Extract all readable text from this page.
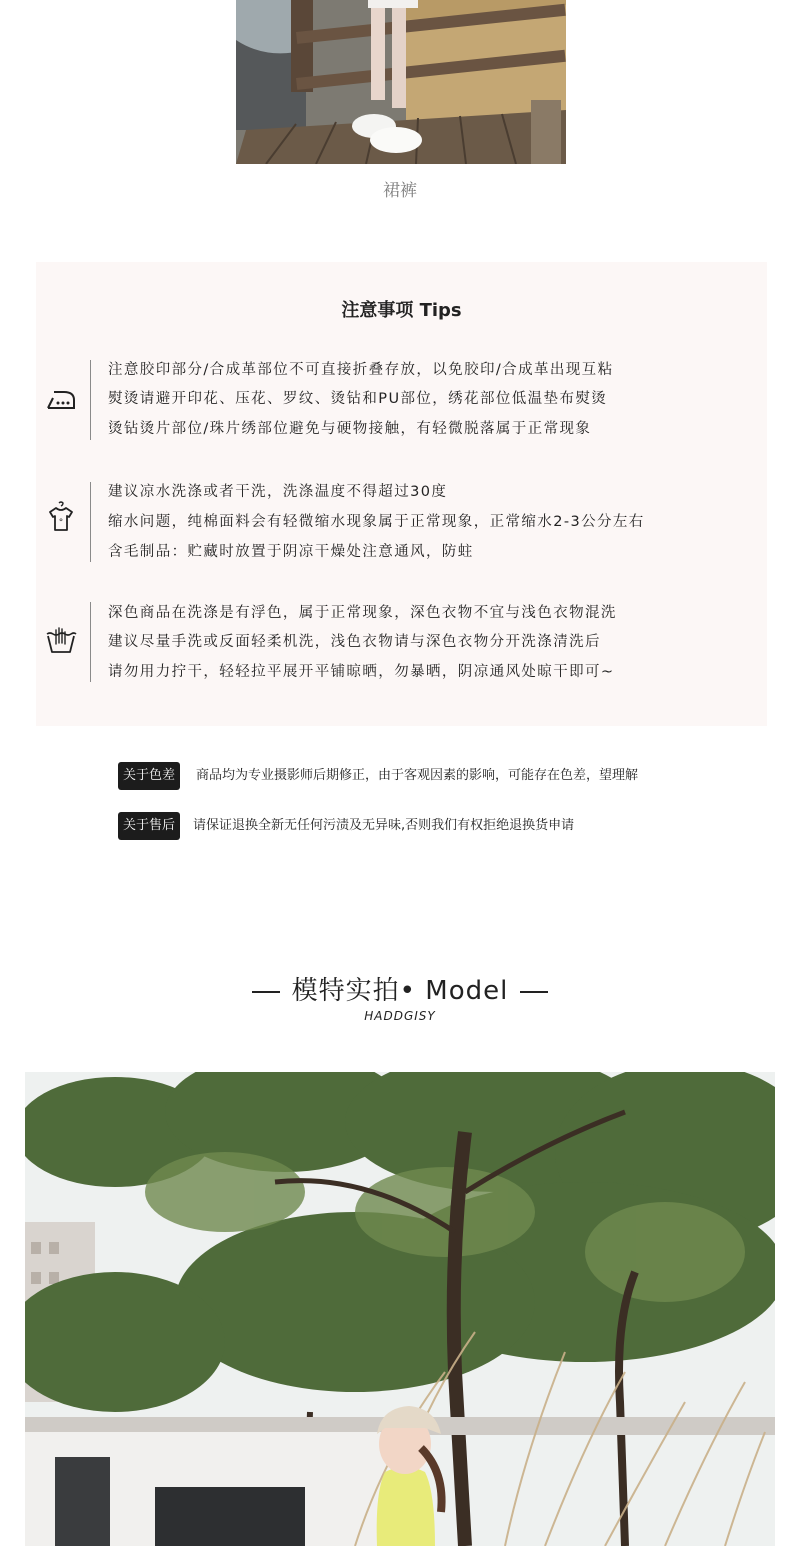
裙裤
注意事项 Tips
注意胶印部分/合成革部位不可直接折叠存放，以免胶印/合成革出现互粘
熨烫请避开印花、压花、罗纹、烫钻和PU部位，绣花部位低温垫布熨烫
烫钻烫片部位/珠片绣部位避免与硬物接触，有轻微脱落属于正常现象
°
建议凉水洗涤或者干洗，洗涤温度不得超过30度
缩水问题，纯棉面料会有轻微缩水现象属于正常现象，正常缩水2-3公分左右
含毛制品：贮藏时放置于阴凉干燥处注意通风，防蛀
深色商品在洗涤是有浮色，属于正常现象，深色衣物不宜与浅色衣物混洗
建议尽量手洗或反面轻柔机洗，浅色衣物请与深色衣物分开洗涤清洗后
请勿用力拧干，轻轻拉平展开平铺晾晒，勿暴晒，阴凉通风处晾干即可~
关于色差	商品均为专业摄影师后期修正，由于客观因素的影响，可能存在色差，望理解
关于售后	请保证退换全新无任何污渍及无异味,否则我们有权拒绝退换货申请
模特实拍• Model
HADDGISY
